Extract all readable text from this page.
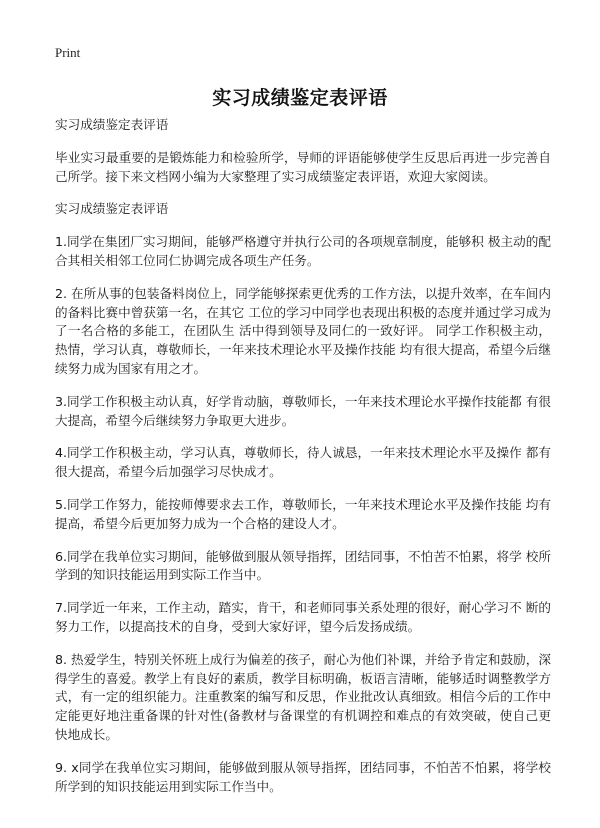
Print
实习成绩鉴定表评语

实习成绩鉴定表评语

毕业实习最重要的是锻炼能力和检验所学，导师的评语能够使学生反思后再进一步完善自己所学。接下来文档网小编为大家整理了实习成绩鉴定表评语，欢迎大家阅读。

实习成绩鉴定表评语

1.同学在集团厂实习期间，能够严格遵守并执行公司的各项规章制度，能够积 极主动的配合其相关相邻工位同仁协调完成各项生产任务。
2. 在所从事的包装备料岗位上，同学能够探索更优秀的工作方法，以提升效率，在车间内的备料比赛中曾获第一名，在其它 工位的学习中同学也表现出积极的态度并通过学习成为了一名合格的多能工，在团队生 活中得到领导及同仁的一致好评。 同学工作积极主动，热情，学习认真，尊敬师长，一年来技术理论水平及操作技能 均有很大提高，希望今后继续努力成为国家有用之才。
3.同学工作积极主动认真，好学肯动脑，尊敬师长，一年来技术理论水平操作技能都 有很大提高，希望今后继续努力争取更大进步。
4.同学工作积极主动，学习认真，尊敬师长，待人诚恳，一年来技术理论水平及操作 都有很大提高，希望今后加强学习尽快成才。
5.同学工作努力，能按师傅要求去工作，尊敬师长，一年来技术理论水平及操作技能 均有提高，希望今后更加努力成为一个合格的建设人才。
6.同学在我单位实习期间，能够做到服从领导指挥，团结同事，不怕苦不怕累，将学 校所学到的知识技能运用到实际工作当中。
7.同学近一年来，工作主动，踏实，肯干，和老师同事关系处理的很好，耐心学习不 断的努力工作，以提高技术的自身，受到大家好评，望今后发扬成绩。
8. 热爱学生，特别关怀班上成行为偏差的孩子，耐心为他们补课，并给予肯定和鼓励，深得学生的喜爱。教学上有良好的素质，教学目标明确，板语言清晰，能够适时调整教学方式，有一定的组织能力。注重教案的编写和反思，作业批改认真细致。相信今后的工作中定能更好地注重备课的针对性(备教材与备课堂的有机调控和难点的有效突破，使自己更快地成长。
9. x同学在我单位实习期间，能够做到服从领导指挥，团结同事，不怕苦不怕累，将学校所学到的知识技能运用到实际工作当中。
